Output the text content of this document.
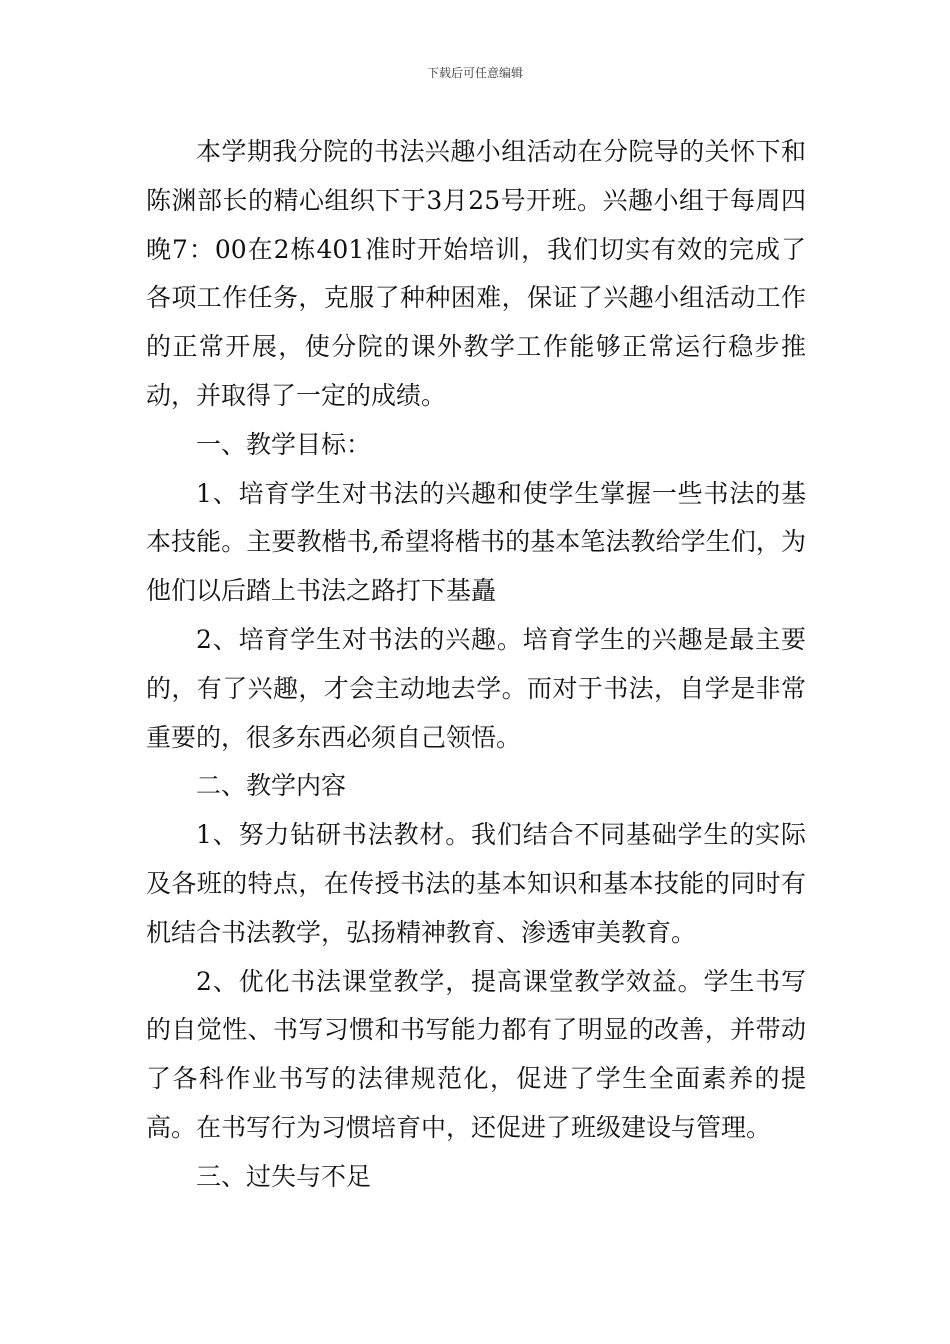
下载后可任意编辑

本学期我分院的书法兴趣小组活动在分院导的关怀下和陈渊部长的精心组织下于3月25号开班。兴趣小组于每周四晚7：00在2栋401准时开始培训，我们切实有效的完成了各项工作任务，克服了种种困难，保证了兴趣小组活动工作的正常开展，使分院的课外教学工作能够正常运行稳步推动，并取得了一定的成绩。

一、教学目标：

1、培育学生对书法的兴趣和使学生掌握一些书法的基本技能。主要教楷书,希望将楷书的基本笔法教给学生们，为他们以后踏上书法之路打下基矗

2、培育学生对书法的兴趣。培育学生的兴趣是最主要的，有了兴趣，才会主动地去学。而对于书法，自学是非常重要的，很多东西必须自己领悟。

二、教学内容

1、努力钻研书法教材。我们结合不同基础学生的实际及各班的特点，在传授书法的基本知识和基本技能的同时有机结合书法教学，弘扬精神教育、渗透审美教育。

2、优化书法课堂教学，提高课堂教学效益。学生书写的自觉性、书写习惯和书写能力都有了明显的改善，并带动了各科作业书写的法律规范化，促进了学生全面素养的提高。在书写行为习惯培育中，还促进了班级建设与管理。

三、过失与不足
